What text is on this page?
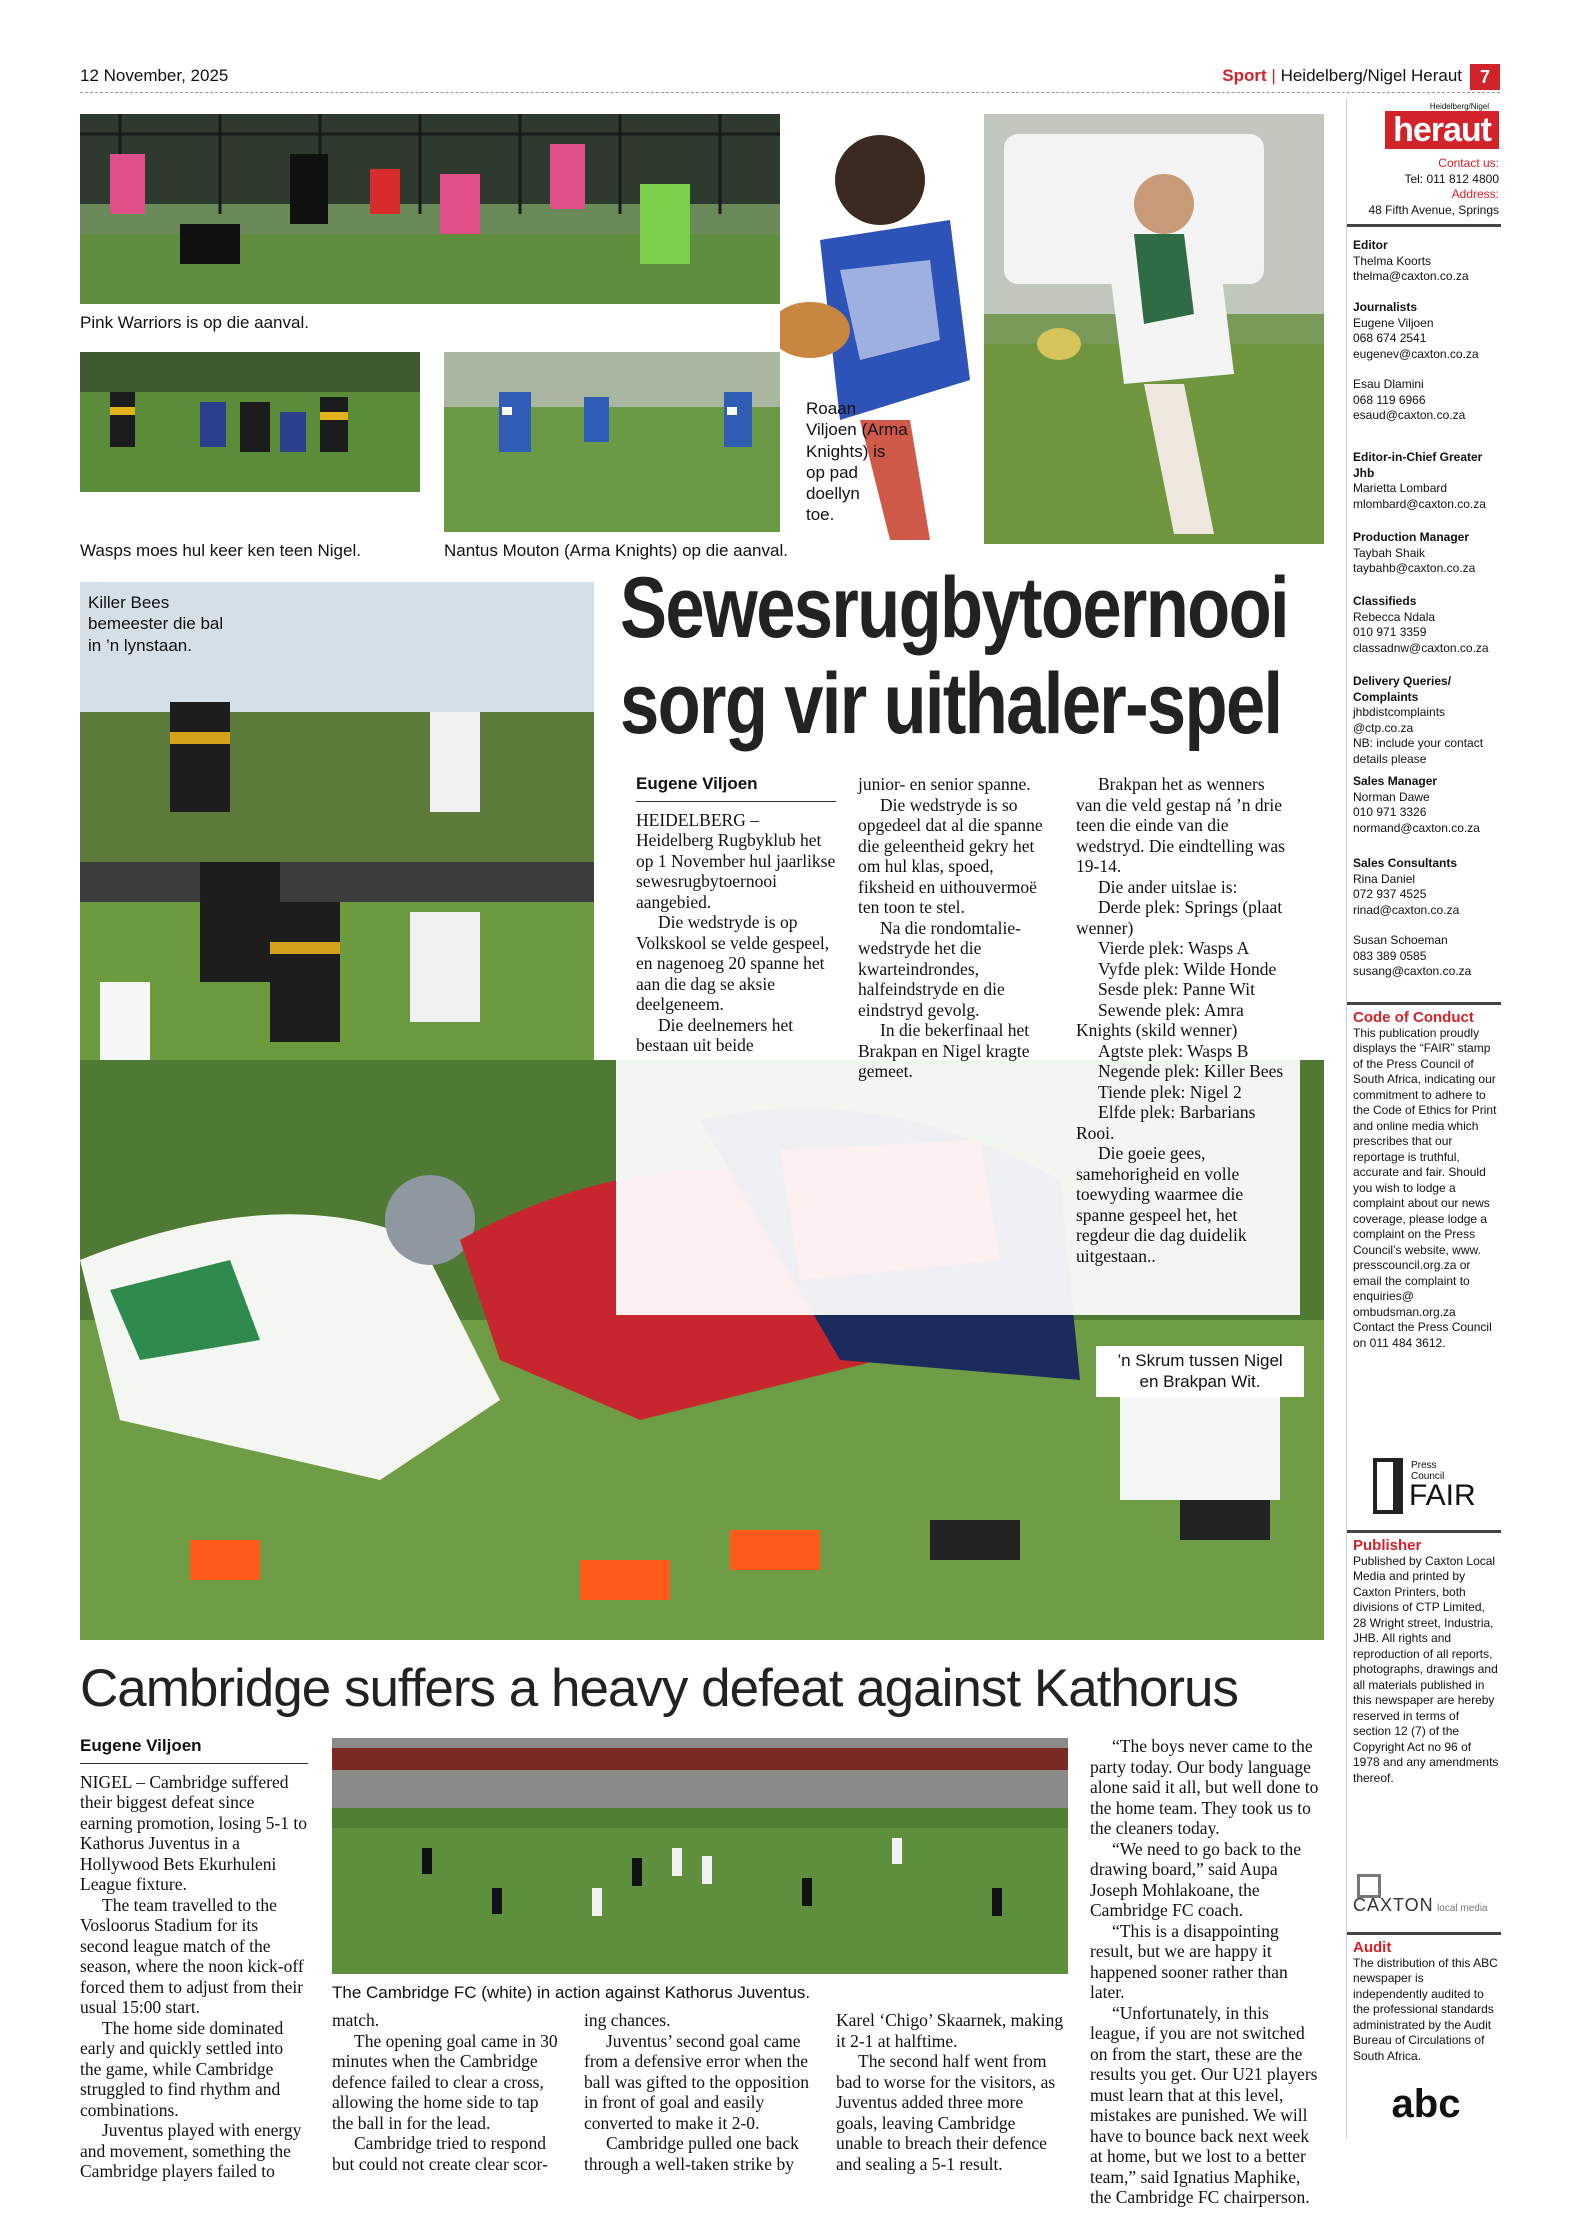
12 November, 2025	Sport | Heidelberg/Nigel Heraut 7
Pink Warriors is op die aanval.
Wasps moes hul keer ken teen Nigel.	Nantus Mouton (Arma Knights) op die aanval.
Roaan
Viljoen (Arma
Knights) is
op pad
doellyn
toe.
Killer Bees
bemeester die bal
in ’n lynstaan.	Sewesrugbytoernooi
sorg vir uithaler-spel
Eugene Viljoen

HEIDELBERG – Heidelberg Rugbyklub het op 1 November hul jaarlikse sewesrugbytoernooi aangebied.

Die wedstryde is op Volkskool se velde gespeel, en nagenoeg 20 spanne het aan die dag se aksie deelgeneem.

Die deelnemers het bestaan uit beide

junior- en senior spanne.

Die wedstryde is so opgedeel dat al die spanne die geleentheid gekry het om hul klas, spoed, fiksheid en uithouvermoë ten toon te stel.

Na die rondomtalie-wedstryde het die kwarteindrondes, halfeindstryde en die eindstryd gevolg.

In die bekerfinaal het Brakpan en Nigel kragte gemeet.

Brakpan het as wenners van die veld gestap ná ’n drie teen die einde van die wedstryd. Die eindtelling was 19-14.

Die ander uitslae is:

Derde plek: Springs (plaat wenner)

Vierde plek: Wasps A

Vyfde plek: Wilde Honde

Sesde plek: Panne Wit

Sewende plek: Amra Knights (skild wenner)

Agtste plek: Wasps B

Negende plek: Killer Bees

Tiende plek: Nigel 2

Elfde plek: Barbarians Rooi.

Die goeie gees, samehorigheid en volle toewyding waarmee die spanne gespeel het, het regdeur die dag duidelik uitgestaan..

’n Skrum tussen Nigel
en Brakpan Wit.
Cambridge suffers a heavy defeat against Kathorus
Eugene Viljoen

NIGEL – Cambridge suffered their biggest defeat since earning promotion, losing 5-1 to Kathorus Juventus in a Hollywood Bets Ekurhuleni League fixture.

The team travelled to the Vosloorus Stadium for its second league match of the season, where the noon kick-off forced them to adjust from their usual 15:00 start.

The home side dominated early and quickly settled into the game, while Cambridge struggled to find rhythm and combinations.

Juventus played with energy and movement, something the Cambridge players failed to

The Cambridge FC (white) in action against Kathorus Juventus.

match.

The opening goal came in 30 minutes when the Cambridge defence failed to clear a cross, allowing the home side to tap the ball in for the lead.

Cambridge tried to respond but could not create clear scor-

ing chances.

Juventus’ second goal came from a defensive error when the ball was gifted to the opposition in front of goal and easily converted to make it 2-0.

Cambridge pulled one back through a well-taken strike by

Karel ‘Chigo’ Skaarnek, making it 2-1 at halftime.

The second half went from bad to worse for the visitors, as Juventus added three more goals, leaving Cambridge unable to breach their defence and sealing a 5-1 result.

“The boys never came to the party today. Our body language alone said it all, but well done to the home team. They took us to the cleaners today.

“We need to go back to the drawing board,” said Aupa Joseph Mohlakoane, the Cambridge FC coach.

“This is a disappointing result, but we are happy it happened sooner rather than later.

“Unfortunately, in this league, if you are not switched on from the start, these are the results you get. Our U21 players must learn that at this level, mistakes are punished. We will have to bounce back next week at home, but we lost to a better team,” said Ignatius Maphike, the Cambridge FC chairperson.

Heidelberg/Nigel
heraut
Contact us:
Tel: 011 812 4800
Address:
48 Fifth Avenue, Springs
Editor
Thelma Koorts
thelma@caxton.co.za
Journalists
Eugene Viljoen
068 674 2541
eugenev@caxton.co.za
Esau Dlamini
068 119 6966
esaud@caxton.co.za
Editor-in-Chief Greater Jhb
Marietta Lombard
mlombard@caxton.co.za
Production Manager
Taybah Shaik
taybahb@caxton.co.za
Classifieds
Rebecca Ndala
010 971 3359
classadnw@caxton.co.za
Delivery Queries/ Complaints
jhbdistcomplaints
@ctp.co.za
NB: include your contact details please
Sales Manager
Norman Dawe
010 971 3326
normand@caxton.co.za
Sales Consultants
Rina Daniel
072 937 4525
rinad@caxton.co.za
Susan Schoeman
083 389 0585
susang@caxton.co.za
Code of Conduct
This publication proudly displays the “FAIR” stamp of the Press Council of South Africa, indicating our commitment to adhere to the Code of Ethics for Print and online media which prescribes that our reportage is truthful, accurate and fair. Should you wish to lodge a complaint about our news coverage, please lodge a complaint on the Press Council’s website, www. presscouncil.org.za or email the complaint to enquiries@ ombudsman.org.za Contact the Press Council on 011 484 3612.
Press Council
FAIR
Publisher
Published by Caxton Local Media and printed by Caxton Printers, both divisions of CTP Limited, 28 Wright street, Industria, JHB. All rights and reproduction of all reports, photographs, drawings and all materials published in this newspaper are hereby reserved in terms of section 12 (7) of the Copyright Act no 96 of 1978 and any amendments thereof.
CAXTON local media
Audit
The distribution of this ABC newspaper is independently audited to the professional standards administrated by the Audit Bureau of Circulations of South Africa.
abc
